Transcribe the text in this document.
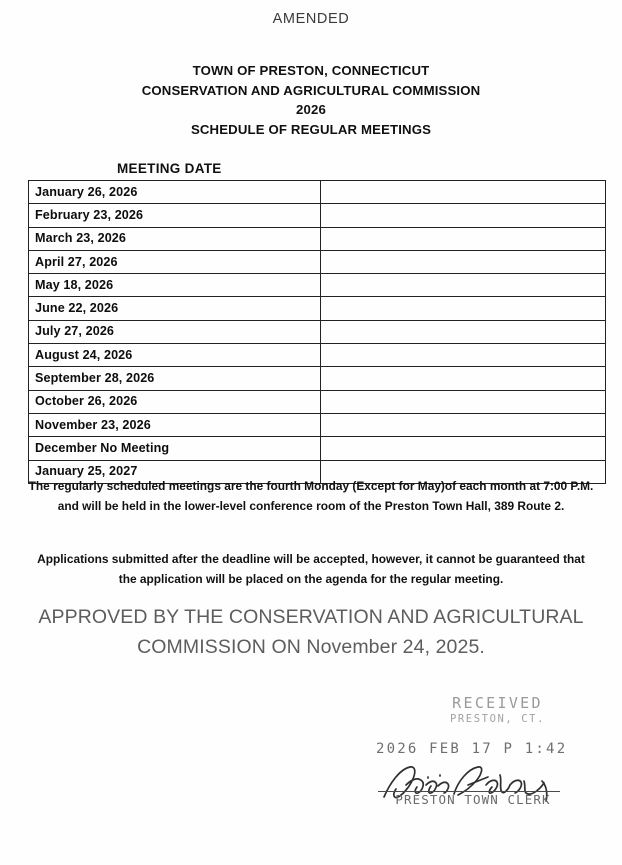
AMENDED
TOWN OF PRESTON, CONNECTICUT
CONSERVATION AND AGRICULTURAL COMMISSION
2026
SCHEDULE OF REGULAR MEETINGS
MEETING DATE
January 26, 2026	
February 23, 2026	
March 23, 2026	
April 27, 2026	
May 18, 2026	
June 22, 2026	
July 27, 2026	
August 24, 2026	
September 28, 2026	
October 26, 2026	
November 23, 2026	
December No Meeting	
January 25, 2027	
The regularly scheduled meetings are the fourth Monday (Except for May)of each month at 7:00 P.M. and will be held in the lower-level conference room of the Preston Town Hall, 389 Route 2.
Applications submitted after the deadline will be accepted, however, it cannot be guaranteed that the application will be placed on the agenda for the regular meeting.
APPROVED BY THE CONSERVATION AND AGRICULTURAL COMMISSION ON November 24, 2025.
RECEIVED
PRESTON, CT.
2026 FEB 17 P 1:42
PRESTON TOWN CLERK
